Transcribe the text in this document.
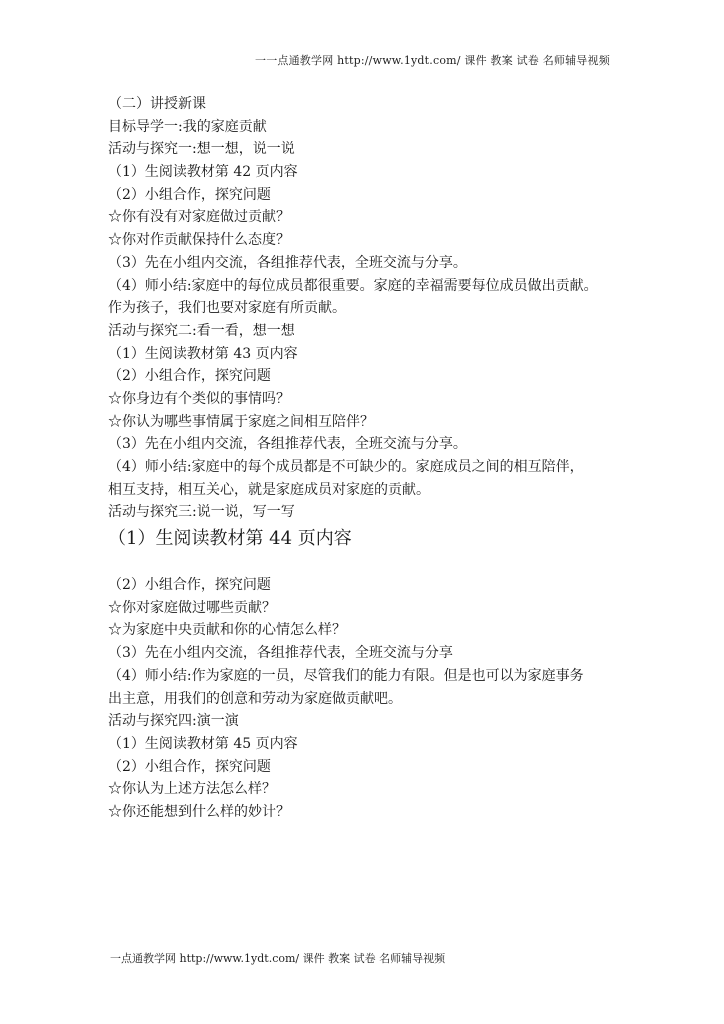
一一点通教学网 http://www.1ydt.com/ 课件 教案 试卷 名师辅导视频
（二）讲授新课
目标导学一:我的家庭贡献
活动与探究一:想一想，说一说
（1）生阅读教材第 42 页内容
（2）小组合作，探究问题
☆你有没有对家庭做过贡献？
☆你对作贡献保持什么态度？
（3）先在小组内交流，各组推荐代表，全班交流与分享。
（4）师小结:家庭中的每位成员都很重要。家庭的幸福需要每位成员做出贡献。
作为孩子，我们也要对家庭有所贡献。
活动与探究二:看一看，想一想
（1）生阅读教材第 43 页内容
（2）小组合作，探究问题
☆你身边有个类似的事情吗？
☆你认为哪些事情属于家庭之间相互陪伴？
（3）先在小组内交流，各组推荐代表，全班交流与分享。
（4）师小结:家庭中的每个成员都是不可缺少的。家庭成员之间的相互陪伴，
相互支持，相互关心，就是家庭成员对家庭的贡献。
活动与探究三:说一说，写一写
（1）生阅读教材第 44 页内容
（2）小组合作，探究问题
☆你对家庭做过哪些贡献？
☆为家庭中央贡献和你的心情怎么样？
（3）先在小组内交流，各组推荐代表，全班交流与分享
（4）师小结:作为家庭的一员，尽管我们的能力有限。但是也可以为家庭事务
出主意，用我们的创意和劳动为家庭做贡献吧。
活动与探究四:演一演
（1）生阅读教材第 45 页内容
（2）小组合作，探究问题
☆你认为上述方法怎么样？
☆你还能想到什么样的妙计？
一点通教学网 http://www.1ydt.com/ 课件 教案 试卷 名师辅导视频
